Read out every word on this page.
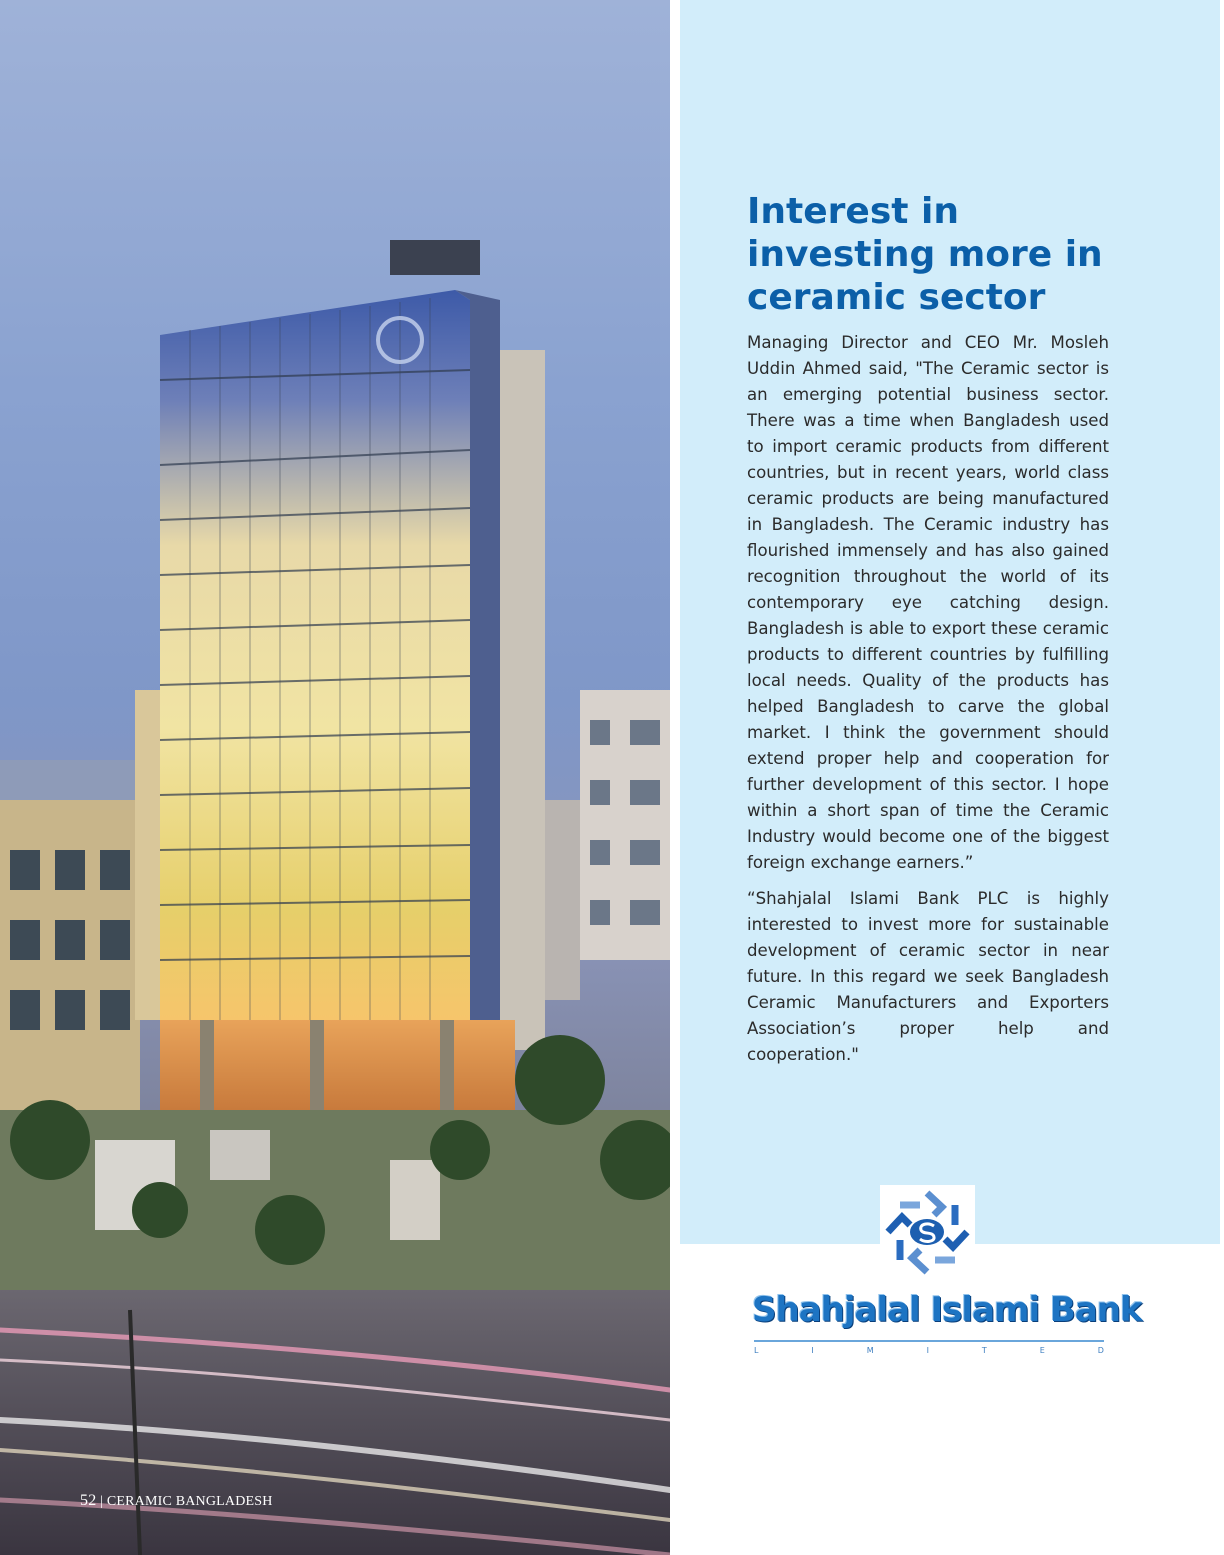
52 | CERAMIC BANGLADESH
Interest in investing more in ceramic sector

Managing Director and CEO Mr. Mosleh Uddin Ahmed said, "The Ceramic sector is an emerging potential business sector. There was a time when Bangladesh used to import ceramic products from different countries, but in recent years, world class ceramic products are being manufactured in Bangladesh. The Ceramic industry has flourished immensely and has also gained recognition throughout the world of its contemporary eye catching design. Bangladesh is able to export these ceramic products to different countries by fulfilling local needs. Quality of the products has helped Bangladesh to carve the global market. I think the government should extend proper help and cooperation for further development of this sector. I hope within a short span of time the Ceramic Industry would become one of the biggest foreign exchange earners.”

“Shahjalal Islami Bank PLC is highly interested to invest more for sustainable development of ceramic sector in near future. In this regard we seek Bangladesh Ceramic Manufacturers and Exporters Association’s proper help and cooperation."

Shahjalal Islami Bank
L	I	M	I	T	E	D
